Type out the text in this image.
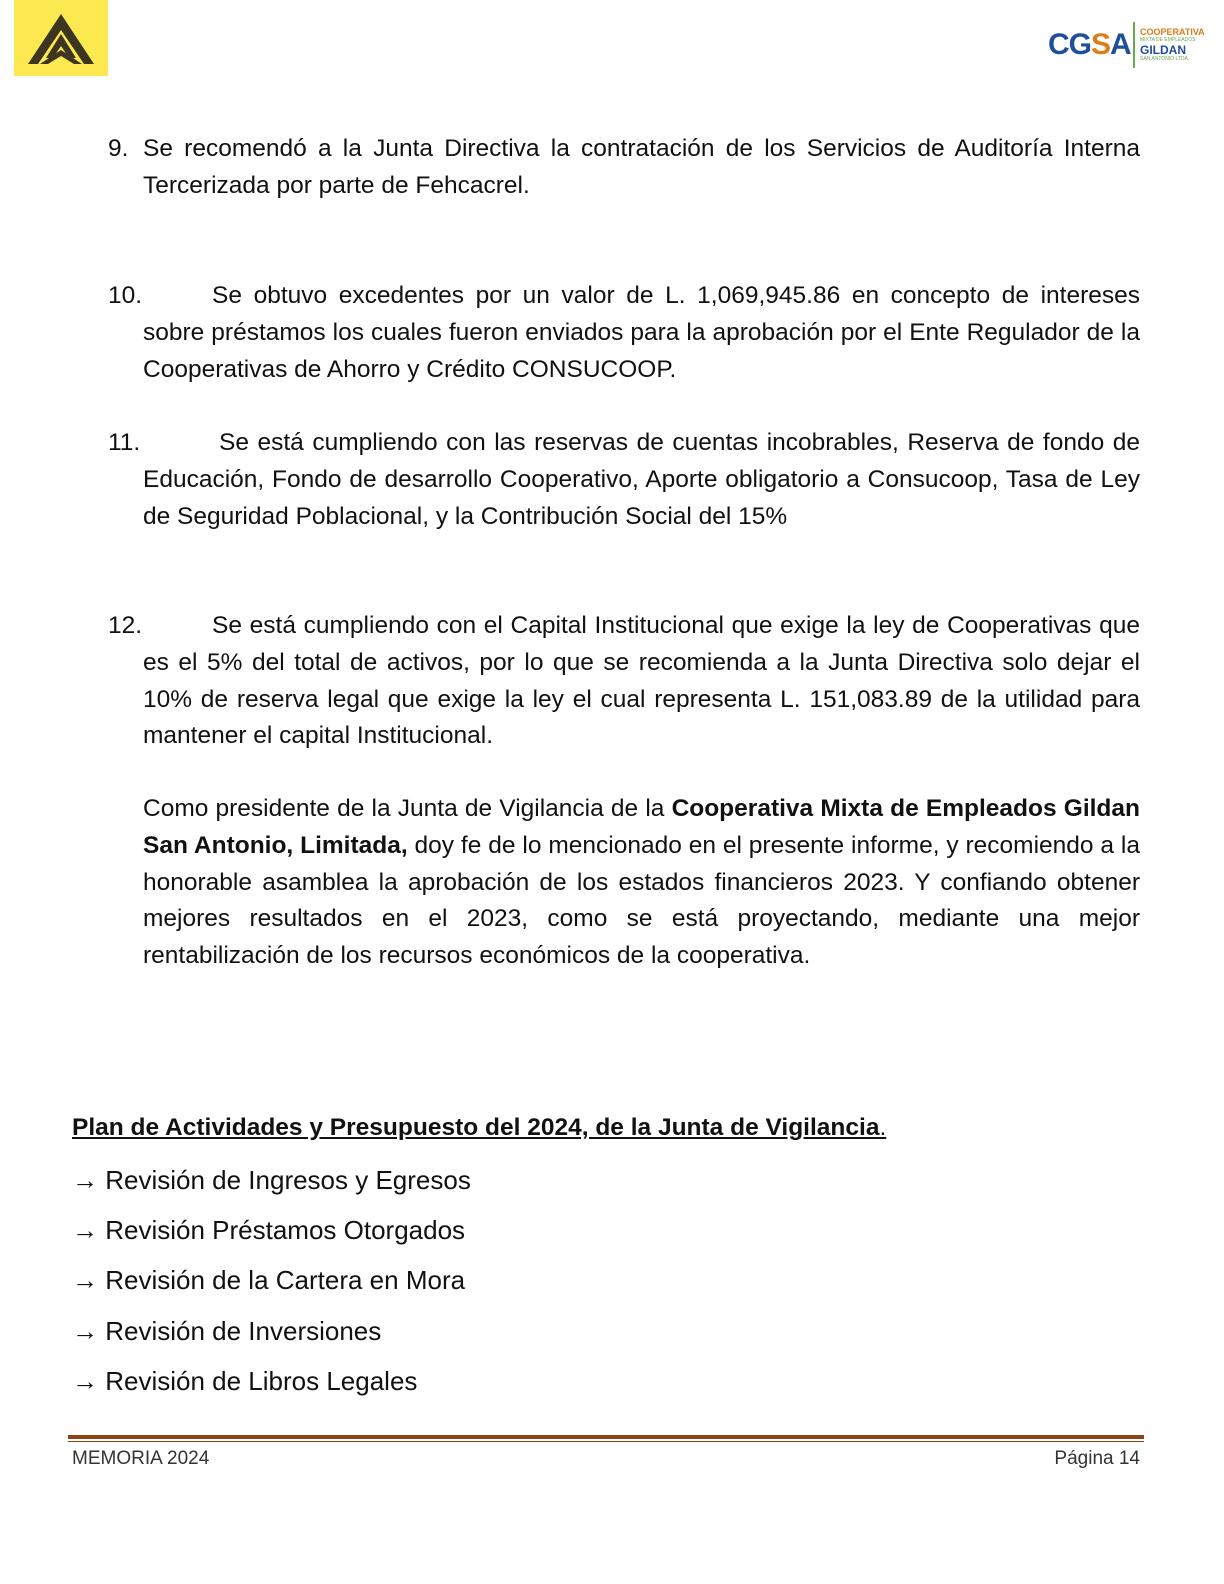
CGSA COOPERATIVA
MIXTA DE EMPLEADOS
GILDAN
SAN ANTONIO LTDA.
9. Se recomendó a la Junta Directiva la contratación de los Servicios de Auditoría Interna Tercerizada por parte de Fehcacrel.
10.	Se obtuvo excedentes por un valor de L. 1,069,945.86 en concepto de intereses sobre préstamos los cuales fueron enviados para la aprobación por el Ente Regulador de la Cooperativas de Ahorro y Crédito CONSUCOOP.
11.	Se está cumpliendo con las reservas de cuentas incobrables, Reserva de fondo de Educación, Fondo de desarrollo Cooperativo, Aporte obligatorio a Consucoop, Tasa de Ley de Seguridad Poblacional, y la Contribución Social del 15%
12.	Se está cumpliendo con el Capital Institucional que exige la ley de Cooperativas que es el 5% del total de activos, por lo que se recomienda a la Junta Directiva solo dejar el 10% de reserva legal que exige la ley el cual representa L. 151,083.89 de la utilidad para mantener el capital Institucional.
Como presidente de la Junta de Vigilancia de la Cooperativa Mixta de Empleados Gildan San Antonio, Limitada, doy fe de lo mencionado en el presente informe, y recomiendo a la honorable asamblea la aprobación de los estados financieros 2023. Y confiando obtener mejores resultados en el 2023, como se está proyectando, mediante una mejor rentabilización de los recursos económicos de la cooperativa.
Plan de Actividades y Presupuesto del 2024, de la Junta de Vigilancia.
→ Revisión de Ingresos y Egresos
→ Revisión Préstamos Otorgados
→ Revisión de la Cartera en Mora
→ Revisión de Inversiones
→ Revisión de Libros Legales
MEMORIA 2024	Página 14
